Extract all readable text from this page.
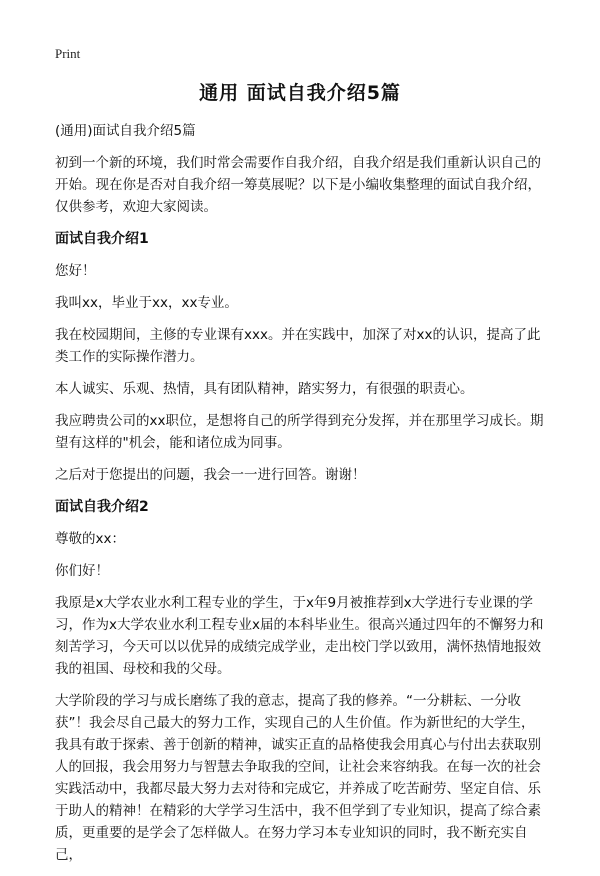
Print
通用 面试自我介绍5篇

(通用)面试自我介绍5篇

初到一个新的环境，我们时常会需要作自我介绍，自我介绍是我们重新认识自己的开始。现在你是否对自我介绍一筹莫展呢？以下是小编收集整理的面试自我介绍，仅供参考，欢迎大家阅读。

面试自我介绍1

您好！

我叫xx，毕业于xx，xx专业。

我在校园期间，主修的专业课有xxx。并在实践中，加深了对xx的认识，提高了此类工作的实际操作潜力。

本人诚实、乐观、热情，具有团队精神，踏实努力，有很强的职责心。

我应聘贵公司的xx职位，是想将自己的所学得到充分发挥，并在那里学习成长。期望有这样的"机会，能和诸位成为同事。

之后对于您提出的问题，我会一一进行回答。谢谢！

面试自我介绍2

尊敬的xx：

你们好！

我原是x大学农业水利工程专业的学生，于x年9月被推荐到x大学进行专业课的学习，作为x大学农业水利工程专业x届的本科毕业生。很高兴通过四年的不懈努力和刻苦学习，今天可以以优异的成绩完成学业，走出校门学以致用，满怀热情地报效我的祖国、母校和我的父母。

大学阶段的学习与成长磨练了我的意志，提高了我的修养。“一分耕耘、一分收获”！我会尽自己最大的努力工作，实现自己的人生价值。作为新世纪的大学生，我具有敢于探索、善于创新的精神，诚实正直的品格使我会用真心与付出去获取别人的回报，我会用努力与智慧去争取我的空间，让社会来容纳我。在每一次的社会实践活动中，我都尽最大努力去对待和完成它，并养成了吃苦耐劳、坚定自信、乐于助人的精神！在精彩的大学学习生活中，我不但学到了专业知识，提高了综合素质，更重要的是学会了怎样做人。在努力学习本专业知识的同时，我不断充实自己，
